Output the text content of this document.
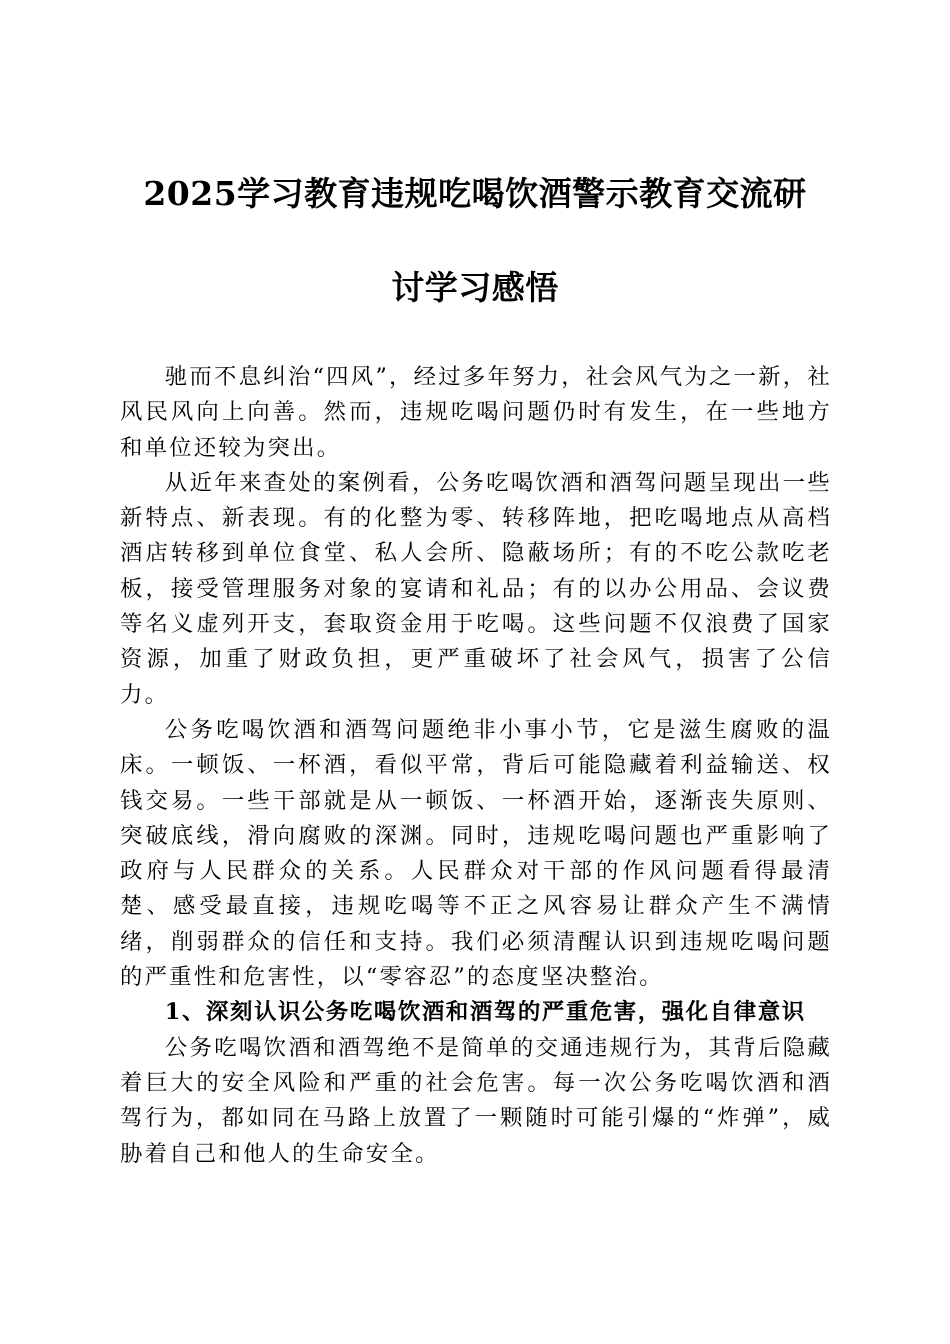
2025学习教育违规吃喝饮酒警示教育交流研
讨学习感悟

驰而不息纠治“四风”，经过多年努力，社会风气为之一新，社风民风向上向善。然而，违规吃喝问题仍时有发生，在一些地方和单位还较为突出。

从近年来查处的案例看，公务吃喝饮酒和酒驾问题呈现出一些新特点、新表现。有的化整为零、转移阵地，把吃喝地点从高档酒店转移到单位食堂、私人会所、隐蔽场所；有的不吃公款吃老板，接受管理服务对象的宴请和礼品；有的以办公用品、会议费等名义虚列开支，套取资金用于吃喝。这些问题不仅浪费了国家资源，加重了财政负担，更严重破坏了社会风气，损害了公信力。

公务吃喝饮酒和酒驾问题绝非小事小节，它是滋生腐败的温床。一顿饭、一杯酒，看似平常，背后可能隐藏着利益输送、权钱交易。一些干部就是从一顿饭、一杯酒开始，逐渐丧失原则、突破底线，滑向腐败的深渊。同时，违规吃喝问题也严重影响了政府与人民群众的关系。人民群众对干部的作风问题看得最清楚、感受最直接，违规吃喝等不正之风容易让群众产生不满情绪，削弱群众的信任和支持。我们必须清醒认识到违规吃喝问题的严重性和危害性，以“零容忍”的态度坚决整治。

1、深刻认识公务吃喝饮酒和酒驾的严重危害，强化自律意识

公务吃喝饮酒和酒驾绝不是简单的交通违规行为，其背后隐藏着巨大的安全风险和严重的社会危害。每一次公务吃喝饮酒和酒驾行为，都如同在马路上放置了一颗随时可能引爆的“炸弹”，威胁着自己和他人的生命安全。
